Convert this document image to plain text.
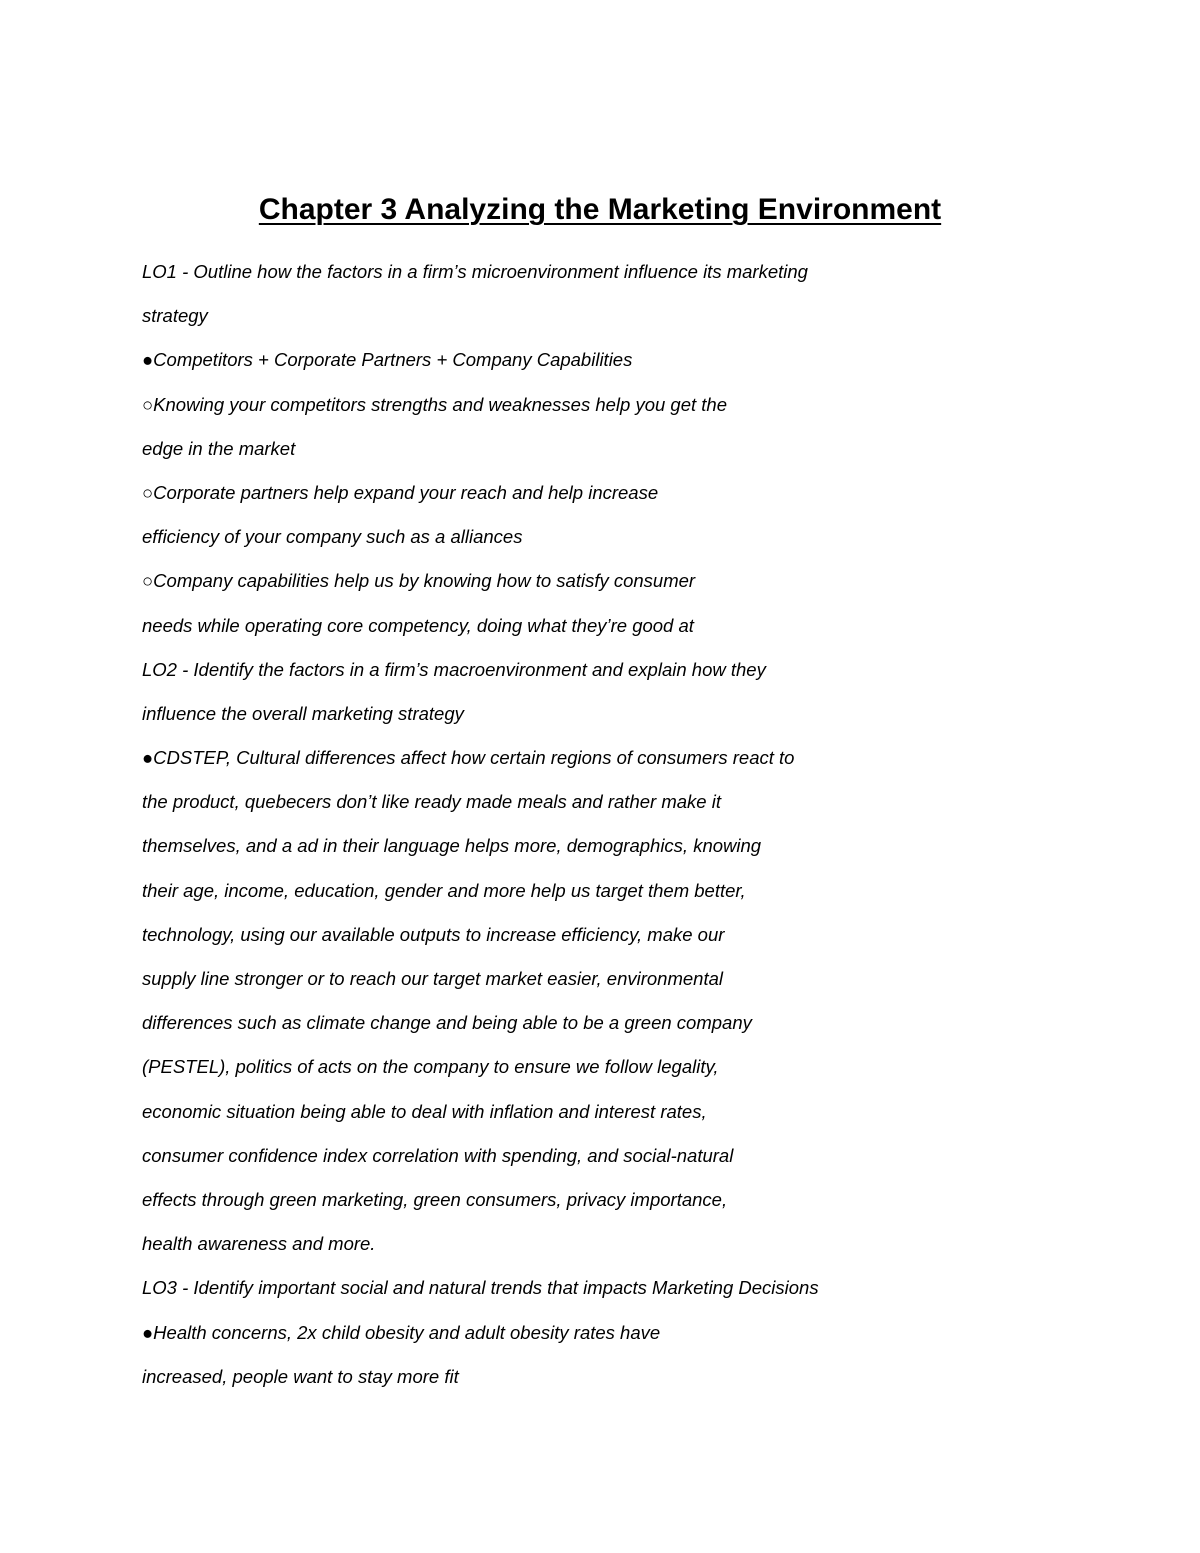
Chapter 3 Analyzing the Marketing Environment
LO1 - Outline how the factors in a firm’s microenvironment influence its marketing
strategy
●Competitors + Corporate Partners + Company Capabilities
○Knowing your competitors strengths and weaknesses help you get the
edge in the market
○Corporate partners help expand your reach and help increase
efficiency of your company such as a alliances
○Company capabilities help us by knowing how to satisfy consumer
needs while operating core competency, doing what they’re good at
LO2 - Identify the factors in a firm’s macroenvironment and explain how they
influence the overall marketing strategy
●CDSTEP, Cultural differences affect how certain regions of consumers react to
the product, quebecers don’t like ready made meals and rather make it
themselves, and a ad in their language helps more, demographics, knowing
their age, income, education, gender and more help us target them better,
technology, using our available outputs to increase efficiency, make our
supply line stronger or to reach our target market easier, environmental
differences such as climate change and being able to be a green company
(PESTEL), politics of acts on the company to ensure we follow legality,
economic situation being able to deal with inflation and interest rates,
consumer confidence index correlation with spending, and social-natural
effects through green marketing, green consumers, privacy importance,
health awareness and more.
LO3 - Identify important social and natural trends that impacts Marketing Decisions
●Health concerns, 2x child obesity and adult obesity rates have
increased, people want to stay more fit
